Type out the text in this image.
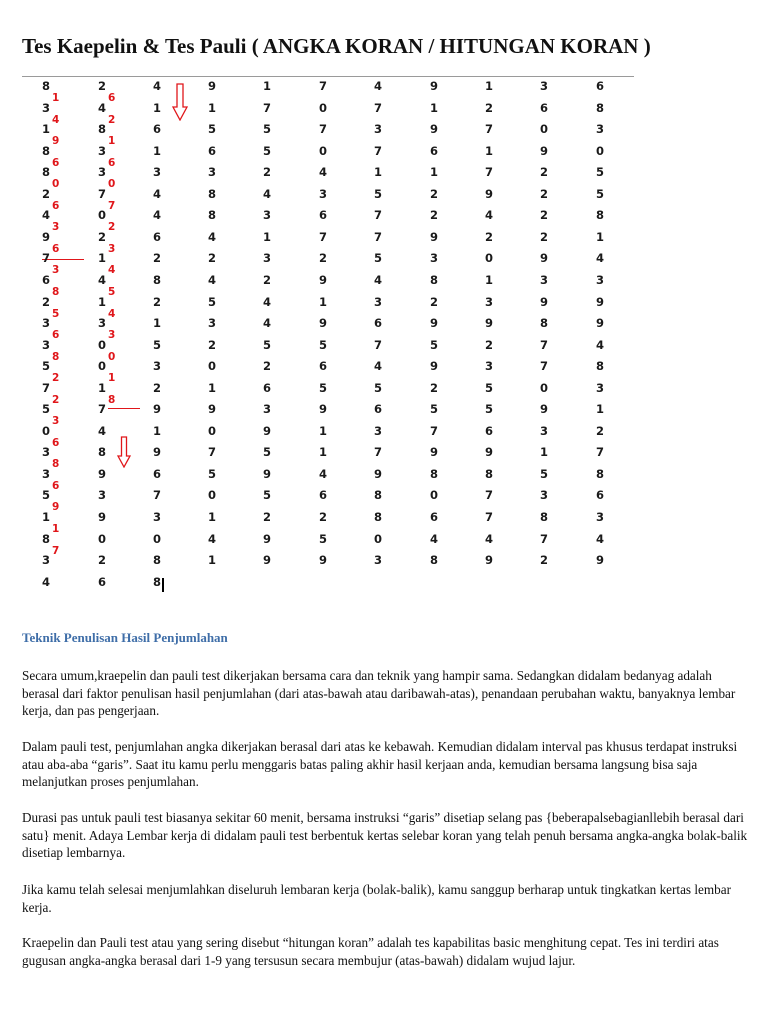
Tes Kaepelin & Tes Pauli ( ANGKA KORAN / HITUNGAN KORAN )
8
3
1
8
8
2
4
9
7
6
2
3
3
5
7
5
0
3
3
5
1
8
3
4
2
4
8
3
3
7
0
2
1
4
1
3
0
0
1
7
4
8
9
3
9
0
2
6
4
1
6
1
3
4
4
6
2
8
2
1
5
3
2
9
1
9
6
7
3
0
8
8
9
1
5
6
3
8
8
4
2
4
5
3
2
0
1
9
0
7
5
0
1
4
1
1
7
5
5
2
4
3
1
3
2
4
4
5
2
6
3
9
5
9
5
2
9
9
7
0
7
0
4
3
6
7
2
9
1
9
5
6
5
9
1
1
4
6
2
5
9
4
7
3
7
1
5
7
7
5
4
3
6
7
4
5
6
3
7
9
8
8
0
3
9
1
9
6
1
2
2
9
3
8
2
9
5
9
2
5
7
9
8
0
6
4
8
1
2
7
1
7
9
4
2
0
1
3
9
2
3
5
5
6
9
8
7
7
4
9
3
6
0
9
2
2
2
2
9
3
9
8
7
7
0
9
3
1
5
3
8
7
2
6
8
3
0
5
5
8
1
4
3
9
9
4
8
3
1
2
7
8
6
3
4
9
1
4
9
6
0
6
3
6
3
8
5
6
8
2
2
3
6
8
6
9
1
7
6
2
1
6
0
7
2
3
4
5
4
3
0
1
8
Teknik Penulisan Hasil Penjumlahan

Secara umum,kraepelin dan pauli test dikerjakan bersama cara dan teknik yang hampir sama. Sedangkan didalam bedanyag adalah berasal dari faktor penulisan hasil penjumlahan (dari atas-bawah atau daribawah-atas), penandaan perubahan waktu, banyaknya lembar kerja, dan pas pengerjaan.

Dalam pauli test, penjumlahan angka dikerjakan berasal dari atas ke kebawah. Kemudian didalam interval pas khusus terdapat instruksi atau aba-aba “garis”. Saat itu kamu perlu menggaris batas paling akhir hasil kerjaan anda, kemudian bersama langsung bisa saja melanjutkan proses penjumlahan.

Durasi pas untuk pauli test biasanya sekitar 60 menit, bersama instruksi “garis” disetiap selang pas {beberapalsebagianllebih berasal dari satu} menit. Adaya Lembar kerja di didalam pauli test berbentuk kertas selebar koran yang telah penuh bersama angka-angka bolak-balik disetiap lembarnya.

Jika kamu telah selesai menjumlahkan diseluruh lembaran kerja (bolak-balik), kamu sanggup berharap untuk tingkatkan kertas lembar kerja.

Kraepelin dan Pauli test atau yang sering disebut “hitungan koran” adalah tes kapabilitas basic menghitung cepat. Tes ini terdiri atas gugusan angka-angka berasal dari 1-9 yang tersusun secara membujur (atas-bawah) didalam wujud lajur.
